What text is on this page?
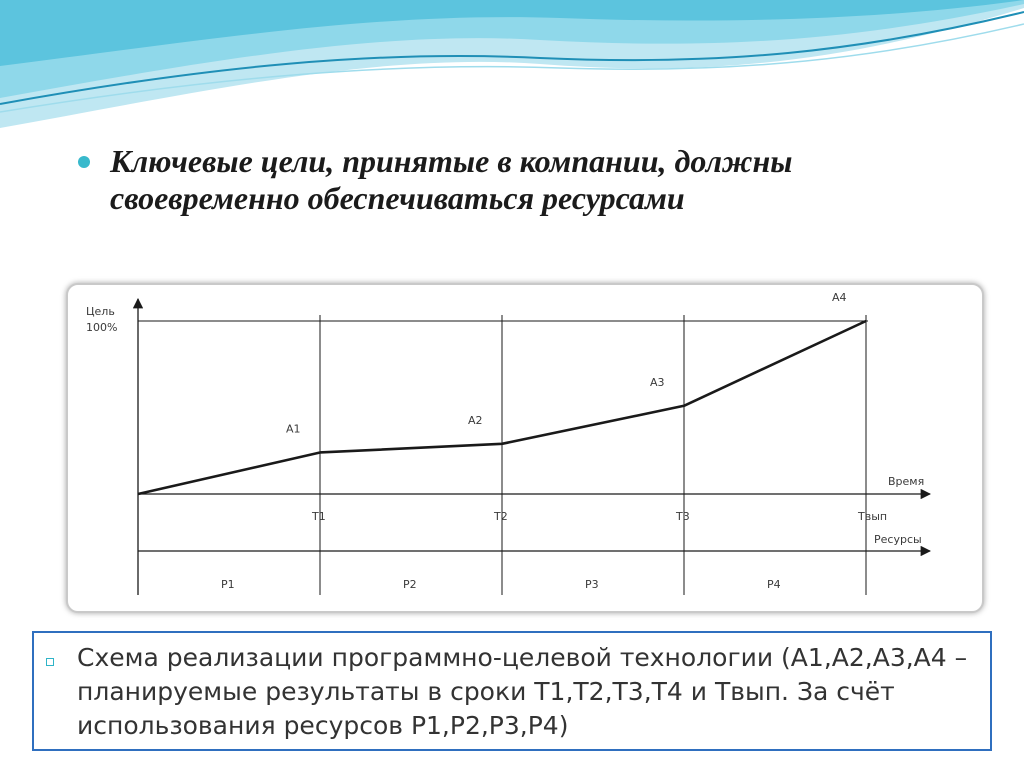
Ключевые цели, принятые в компании, должны своевременно обеспечиваться ресурсами
Цель
100%
Время
Ресурсы
T1	T2	T3	Твып
А1
А2
А3
А4
P1	P2	P3	P4
Схема реализации программно-целевой технологии (А1,А2,А3,А4 – планируемые результаты в сроки Т1,Т2,Т3,Т4 и Твып. За счёт использования ресурсов Р1,Р2,Р3,Р4)
